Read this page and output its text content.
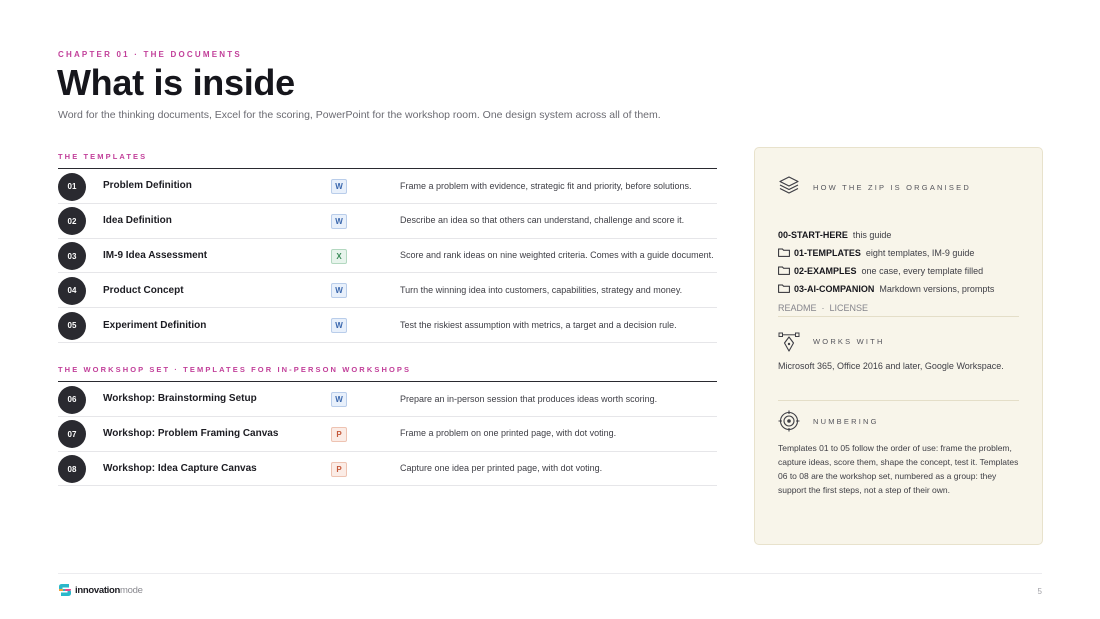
CHAPTER 01 · THE DOCUMENTS
What is inside

Word for the thinking documents, Excel for the scoring, PowerPoint for the workshop room. One design system across all of them.

THE TEMPLATES
01	Problem Definition	W	Frame a problem with evidence, strategic fit and priority, before solutions.
02	Idea Definition	W	Describe an idea so that others can understand, challenge and score it.
03	IM-9 Idea Assessment	X	Score and rank ideas on nine weighted criteria. Comes with a guide document.
04	Product Concept	W	Turn the winning idea into customers, capabilities, strategy and money.
05	Experiment Definition	W	Test the riskiest assumption with metrics, a target and a decision rule.
THE WORKSHOP SET · TEMPLATES FOR IN-PERSON WORKSHOPS
06	Workshop: Brainstorming Setup	W	Prepare an in-person session that produces ideas worth scoring.
07	Workshop: Problem Framing Canvas	P	Frame a problem on one printed page, with dot voting.
08	Workshop: Idea Capture Canvas	P	Capture one idea per printed page, with dot voting.
HOW THE ZIP IS ORGANISED
00-START-HERE this guide
01-TEMPLATES eight templates, IM-9 guide
02-EXAMPLES one case, every template filled
03-AI-COMPANION Markdown versions, prompts
README · LICENSE
WORKS WITH
Microsoft 365, Office 2016 and later, Google Workspace.
NUMBERING
Templates 01 to 05 follow the order of use: frame the problem, capture ideas, score them, shape the concept, test it. Templates 06 to 08 are the workshop set, numbered as a group: they support the first steps, not a step of their own.
innovationmode	5
